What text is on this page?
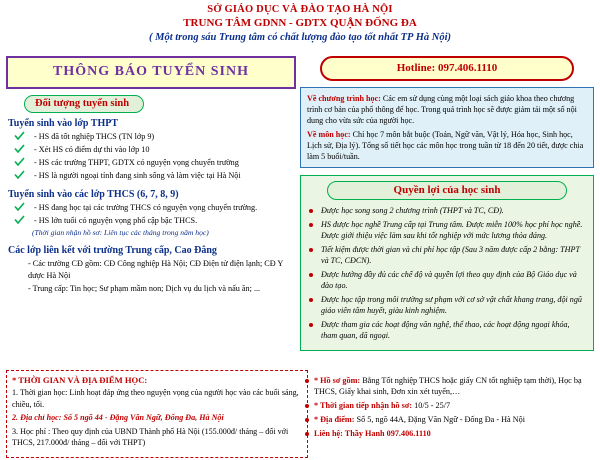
SỞ GIÁO DỤC VÀ ĐÀO TẠO HÀ NỘI
TRUNG TÂM GDNN - GDTX QUẬN ĐỐNG ĐA
( Một trong sáu Trung tâm có chất lượng đào tạo tốt nhất TP Hà Nội)
THÔNG BÁO TUYỂN SINH
Đối tượng tuyển sinh
Tuyển sinh vào lớp THPT
- HS đã tốt nghiệp THCS (TN lớp 9)
- Xét HS có điểm dự thi vào lớp 10
- HS các trường THPT, GDTX có nguyện vọng chuyển trường
- HS là người ngoại tỉnh đang sinh sống và làm việc tại Hà Nội
Tuyển sinh vào các lớp THCS (6, 7, 8, 9)
- HS đang học tại các trường THCS có nguyện vọng chuyển trường.
- HS lớn tuổi có nguyện vọng phổ cập bậc THCS.
(Thời gian nhận hồ sơ: Liên tục các tháng trong năm học)
Các lớp liên kết với trường Trung cấp, Cao Đẳng
- Các trường CĐ gồm: CĐ Công nghiệp Hà Nội; CĐ Điện tử điện lạnh; CĐ Y dược Hà Nội
- Trung cấp: Tin học; Sư phạm mầm non; Dịch vụ du lịch và nấu ăn; ...
Hotline: 097.406.1110
Về chương trình học: Các em sử dụng cùng một loại sách giáo khoa theo chương trình cơ bản của phổ thông để học. Trong quá trình học sẽ được giảm tải một số nội dung cho vừa sức của người học.
Về môn học: Chỉ học 7 môn bắt buộc (Toán, Ngữ văn, Vật lý, Hóa học, Sinh học, Lịch sử, Địa lý). Tổng số tiết học các môn học trong tuần từ 18 đến 20 tiết, được chia làm 5 buổi/tuần.
Quyền lợi của học sinh
Được học song song 2 chương trình (THPT và TC, CĐ).
HS được học nghề Trung cấp tại Trung tâm. Được miễn 100% học phí học nghề. Được giới thiệu việc làm sau khi tốt nghiệp với mức lương thỏa đáng.
Tiết kiệm được thời gian và chi phí học tập (Sau 3 năm được cấp 2 bằng: THPT và TC, CĐCN).
Được hưởng đầy đủ các chế độ và quyền lợi theo quy định của Bộ Giáo dục và đào tạo.
Được học tập trong môi trường sư phạm với cơ sở vật chất khang trang, đội ngũ giáo viên tâm huyết, giàu kinh nghiệm.
Được tham gia các hoạt động văn nghệ, thể thao, các hoạt động ngoại khóa, tham quan, dã ngoại.
* THỜI GIAN VÀ ĐỊA ĐIỂM HỌC:
1. Thời gian học: Linh hoạt đáp ứng theo nguyện vọng của người học vào các buổi sáng, chiều, tối.
2. Địa chỉ học: Số 5 ngõ 44 - Đặng Văn Ngữ, Đống Đa, Hà Nội
3. Học phí : Theo quy định của UBND Thành phố Hà Nội (155.000đ/ tháng – đối với THCS, 217.000đ/ tháng – đối với THPT)
* Hồ sơ gồm: Bằng Tốt nghiệp THCS hoặc giấy CN tốt nghiệp tạm thời), Học bạ THCS, Giấy khai sinh, Đơn xin xét tuyển,…
* Thời gian tiếp nhận hồ sơ: 10/5 - 25/7
* Địa điểm: Số 5, ngõ 44A, Đặng Văn Ngữ - Đống Đa - Hà Nội
Liên hệ: Thầy Hanh 097.406.1110
